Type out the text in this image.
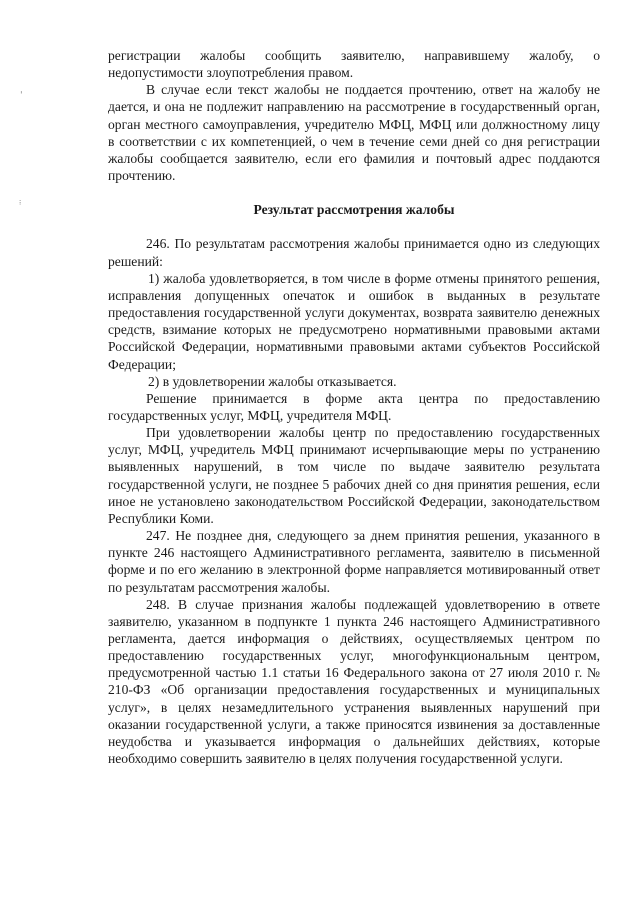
регистрации жалобы сообщить заявителю, направившему жалобу, о недопустимости злоупотребления правом.

В случае если текст жалобы не поддается прочтению, ответ на жалобу не дается, и она не подлежит направлению на рассмотрение в государственный орган, орган местного самоуправления, учредителю МФЦ, МФЦ или должностному лицу в соответствии с их компетенцией, о чем в течение семи дней со дня регистрации жалобы сообщается заявителю, если его фамилия и почтовый адрес поддаются прочтению.

Результат рассмотрения жалобы

246. По результатам рассмотрения жалобы принимается одно из следующих решений:

1) жалоба удовлетворяется, в том числе в форме отмены принятого решения, исправления допущенных опечаток и ошибок в выданных в результате предоставления государственной услуги документах, возврата заявителю денежных средств, взимание которых не предусмотрено нормативными правовыми актами Российской Федерации, нормативными правовыми актами субъектов Российской Федерации;

2) в удовлетворении жалобы отказывается.

Решение принимается в форме акта центра по предоставлению государственных услуг, МФЦ, учредителя МФЦ.

При удовлетворении жалобы центр по предоставлению государственных услуг, МФЦ, учредитель МФЦ принимают исчерпывающие меры по устранению выявленных нарушений, в том числе по выдаче заявителю результата государственной услуги, не позднее 5 рабочих дней со дня принятия решения, если иное не установлено законодательством Российской Федерации, законодательством Республики Коми.

247. Не позднее дня, следующего за днем принятия решения, указанного в пункте 246 настоящего Административного регламента, заявителю в письменной форме и по его желанию в электронной форме направляется мотивированный ответ по результатам рассмотрения жалобы.

248. В случае признания жалобы подлежащей удовлетворению в ответе заявителю, указанном в подпункте 1 пункта 246 настоящего Административного регламента, дается информация о действиях, осуществляемых центром по предоставлению государственных услуг, многофункциональным центром, предусмотренной частью 1.1 статьи 16 Федерального закона от 27 июля 2010 г. № 210-ФЗ «Об организации предоставления государственных и муниципальных услуг», в целях незамедлительного устранения выявленных нарушений при оказании государственной услуги, а также приносятся извинения за доставленные неудобства и указывается информация о дальнейших действиях, которые необходимо совершить заявителю в целях получения государственной услуги.

ˈ
⁝
